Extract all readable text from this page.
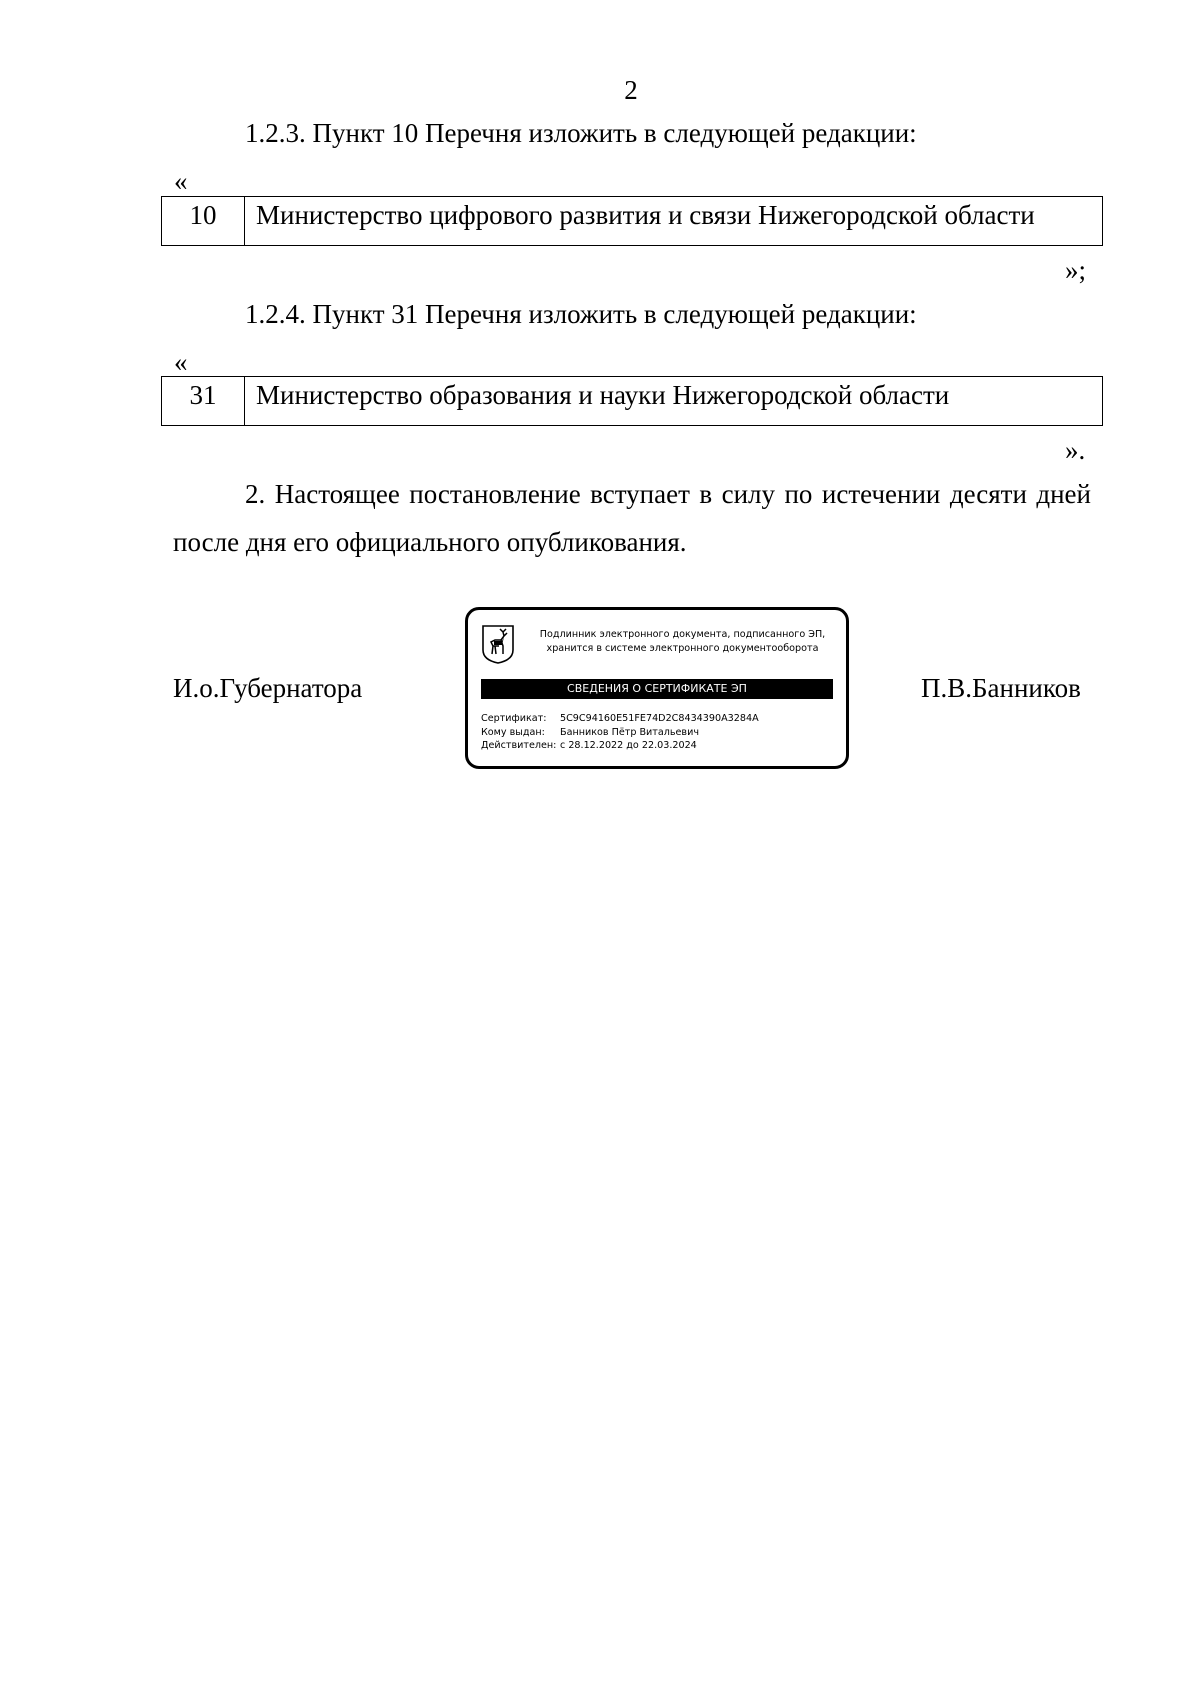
2
1.2.3. Пункт 10 Перечня изложить в следующей редакции:
«
10	Министерство цифрового развития и связи Нижегородской области
»;
1.2.4. Пункт 31 Перечня изложить в следующей редакции:
«
31	Министерство образования и науки Нижегородской области
».
2. Настоящее постановление вступает в силу по истечении десяти дней после дня его официального опубликования.
И.о.Губернатора	П.В.Банников
Подлинник электронного документа, подписанного ЭП,
хранится в системе электронного документооборота
СВЕДЕНИЯ О СЕРТИФИКАТЕ ЭП
Сертификат: 5C9C94160E51FE74D2C8434390A3284A
Кому выдан: Банников Пётр Витальевич
Действителен: с 28.12.2022 до 22.03.2024
